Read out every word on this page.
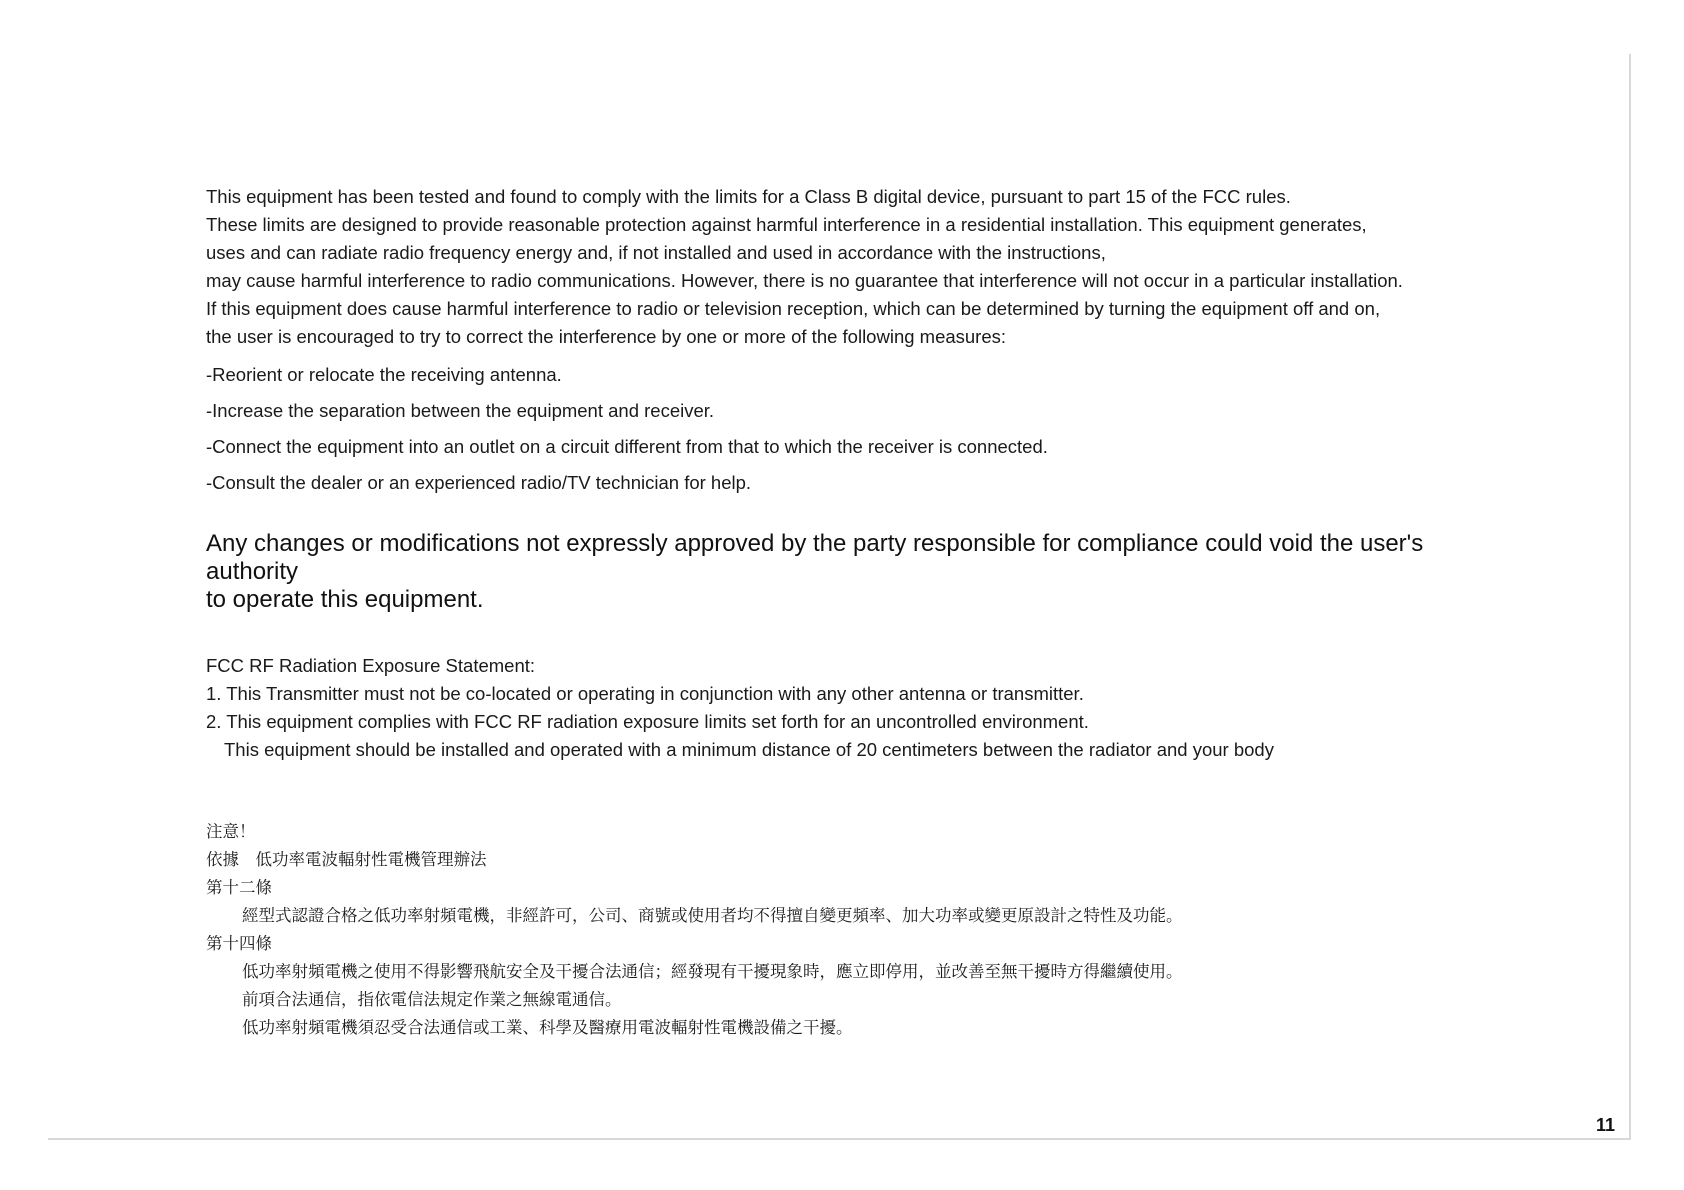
This equipment has been tested and found to comply with the limits for a Class B digital device, pursuant to part 15 of the FCC rules.
These limits are designed to provide reasonable protection against harmful interference in a residential installation. This equipment generates,
uses and can radiate radio frequency energy and, if not installed and used in accordance with the instructions,
may cause harmful interference to radio communications. However, there is no guarantee that interference will not occur in a particular installation.
If this equipment does cause harmful interference to radio or television reception, which can be determined by turning the equipment off and on,
the user is encouraged to try to correct the interference by one or more of the following measures:
-Reorient or relocate the receiving antenna.
-Increase the separation between the equipment and receiver.
-Connect the equipment into an outlet on a circuit different from that to which the receiver is connected.
-Consult the dealer or an experienced radio/TV technician for help.
Any changes or modifications not expressly approved by the party responsible for compliance could void the user's authority
to operate this equipment.
FCC RF Radiation Exposure Statement:
1. This Transmitter must not be co-located or operating in conjunction with any other antenna or transmitter.
2. This equipment complies with FCC RF radiation exposure limits set forth for an uncontrolled environment.
This equipment should be installed and operated with a minimum distance of 20 centimeters between the radiator and your body
注意！
依據　低功率電波輻射性電機管理辦法
第十二條
經型式認證合格之低功率射頻電機，非經許可，公司、商號或使用者均不得擅自變更頻率、加大功率或變更原設計之特性及功能。
第十四條
低功率射頻電機之使用不得影響飛航安全及干擾合法通信；經發現有干擾現象時，應立即停用，並改善至無干擾時方得繼續使用。
前項合法通信，指依電信法規定作業之無線電通信。
低功率射頻電機須忍受合法通信或工業、科學及醫療用電波輻射性電機設備之干擾。
11
